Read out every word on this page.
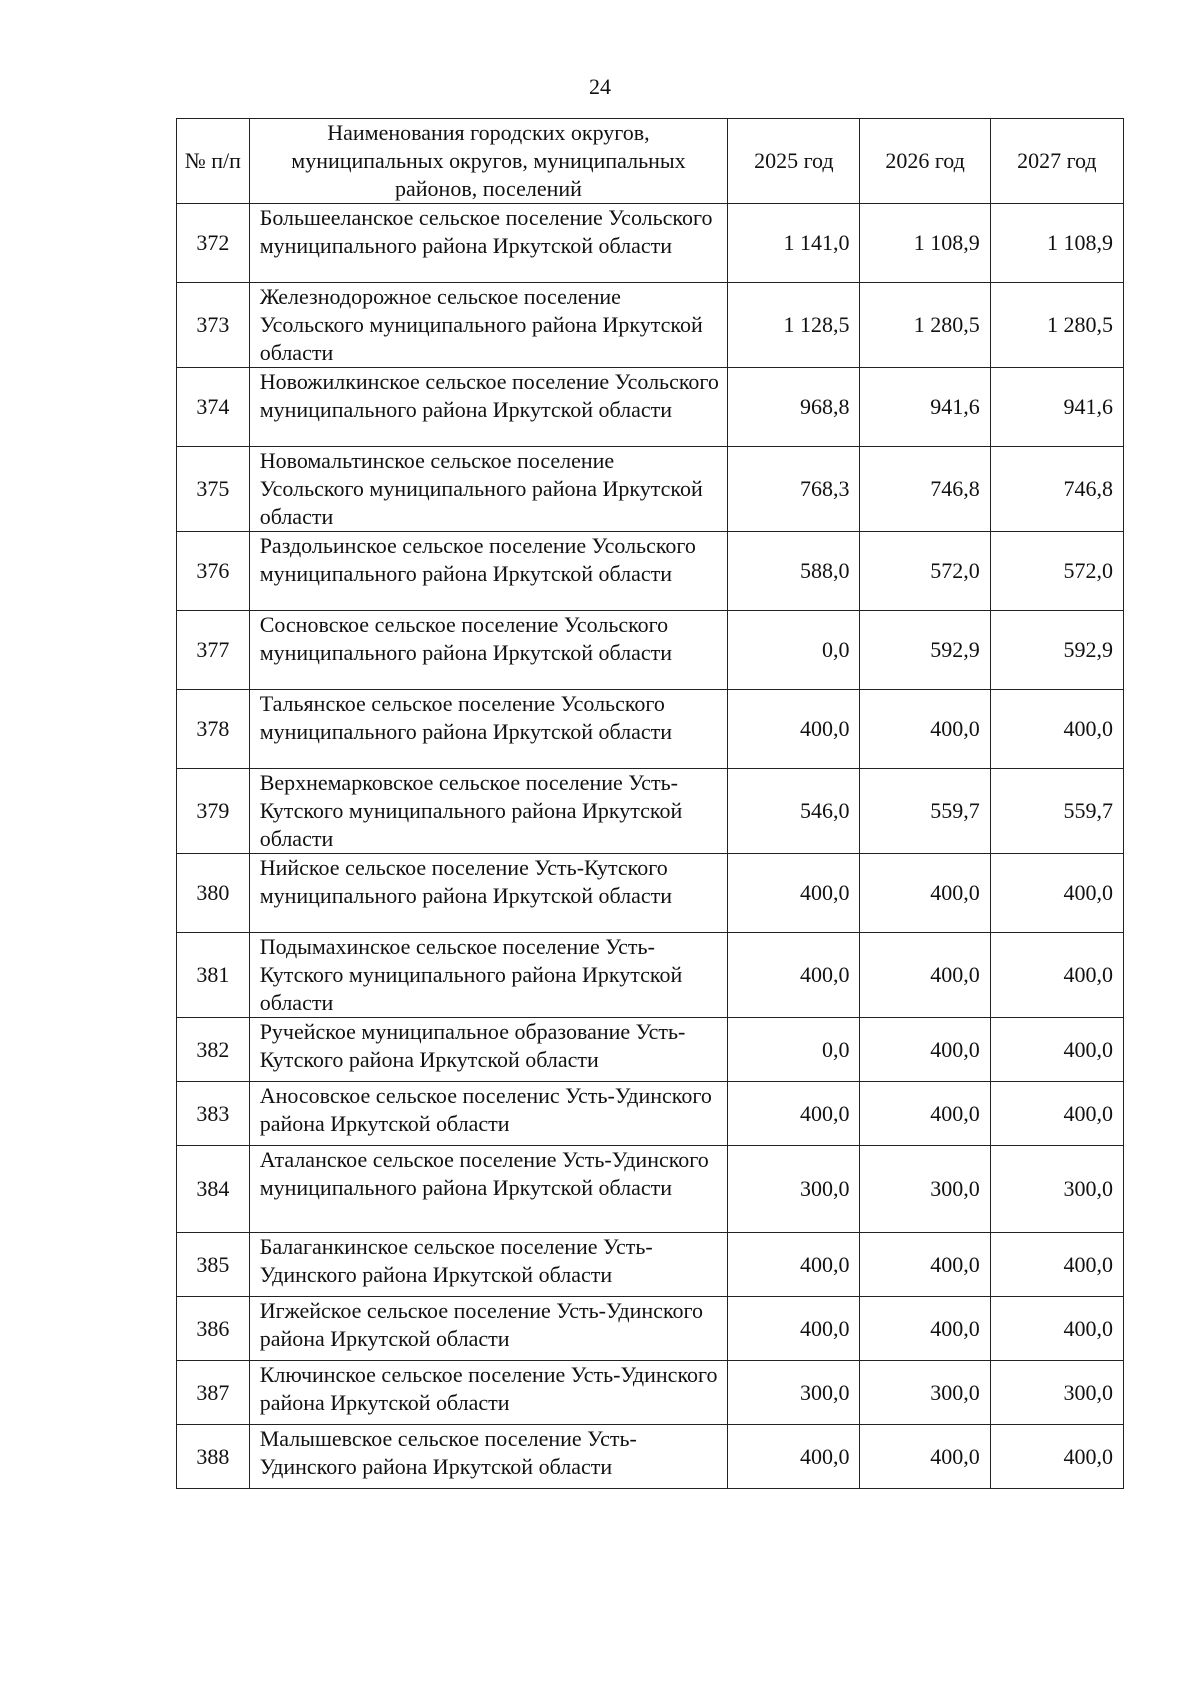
24
№ п/п	Наименования городских округов, муниципальных округов, муниципальных районов, поселений	2025 год	2026 год	2027 год
372	Большееланское сельское поселение Усольского муниципального района Иркутской области	1 141,0	1 108,9	1 108,9
373	Железнодорожное сельское поселение Усольского муниципального района Иркутской области	1 128,5	1 280,5	1 280,5
374	Новожилкинское сельское поселение Усольского муниципального района Иркутской области	968,8	941,6	941,6
375	Новомальтинское сельское поселение Усольского муниципального района Иркутской области	768,3	746,8	746,8
376	Раздольинское сельское поселение Усольского муниципального района Иркутской области	588,0	572,0	572,0
377	Сосновское сельское поселение Усольского муниципального района Иркутской области	0,0	592,9	592,9
378	Тальянское сельское поселение Усольского муниципального района Иркутской области	400,0	400,0	400,0
379	Верхнемарковское сельское поселение Усть-Кутского муниципального района Иркутской области	546,0	559,7	559,7
380	Нийское сельское поселение Усть-Кутского муниципального района Иркутской области	400,0	400,0	400,0
381	Подымахинское сельское поселение Усть-Кутского муниципального района Иркутской области	400,0	400,0	400,0
382	Ручейское муниципальное образование Усть-Кутского района Иркутской области	0,0	400,0	400,0
383	Аносовское сельское поселенис Усть-Удинского района Иркутской области	400,0	400,0	400,0
384	Аталанское сельское поселение Усть-Удинского муниципального района Иркутской области	300,0	300,0	300,0
385	Балаганкинское сельское поселение Усть-Удинского района Иркутской области	400,0	400,0	400,0
386	Игжейское сельское поселение Усть-Удинского района Иркутской области	400,0	400,0	400,0
387	Ключинское сельское поселение Усть-Удинского района Иркутской области	300,0	300,0	300,0
388	Малышевское сельское поселение Усть-Удинского района Иркутской области	400,0	400,0	400,0
